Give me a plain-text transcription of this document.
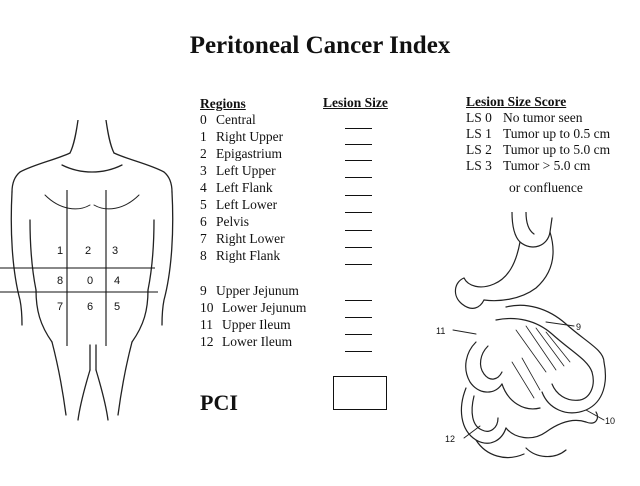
Peritoneal Cancer Index
Regions
0 Central
1 Right Upper
2 Epigastrium
3 Left Upper
4 Left Flank
5 Left Lower
6 Pelvis
7 Right Lower
8 Right Flank
9 Upper Jejunum
10 Lower Jejunum
11 Upper Ileum
12 Lower Ileum
Lesion Size	Lesion Size Score
LS 0 No tumor seen
LS 1 Tumor up to 0.5 cm
LS 2 Tumor up to 5.0 cm
LS 3 Tumor > 5.0 cm
or confluence
PCI
1 2 3
8 0 4
7 6 5
9
11
10
12
